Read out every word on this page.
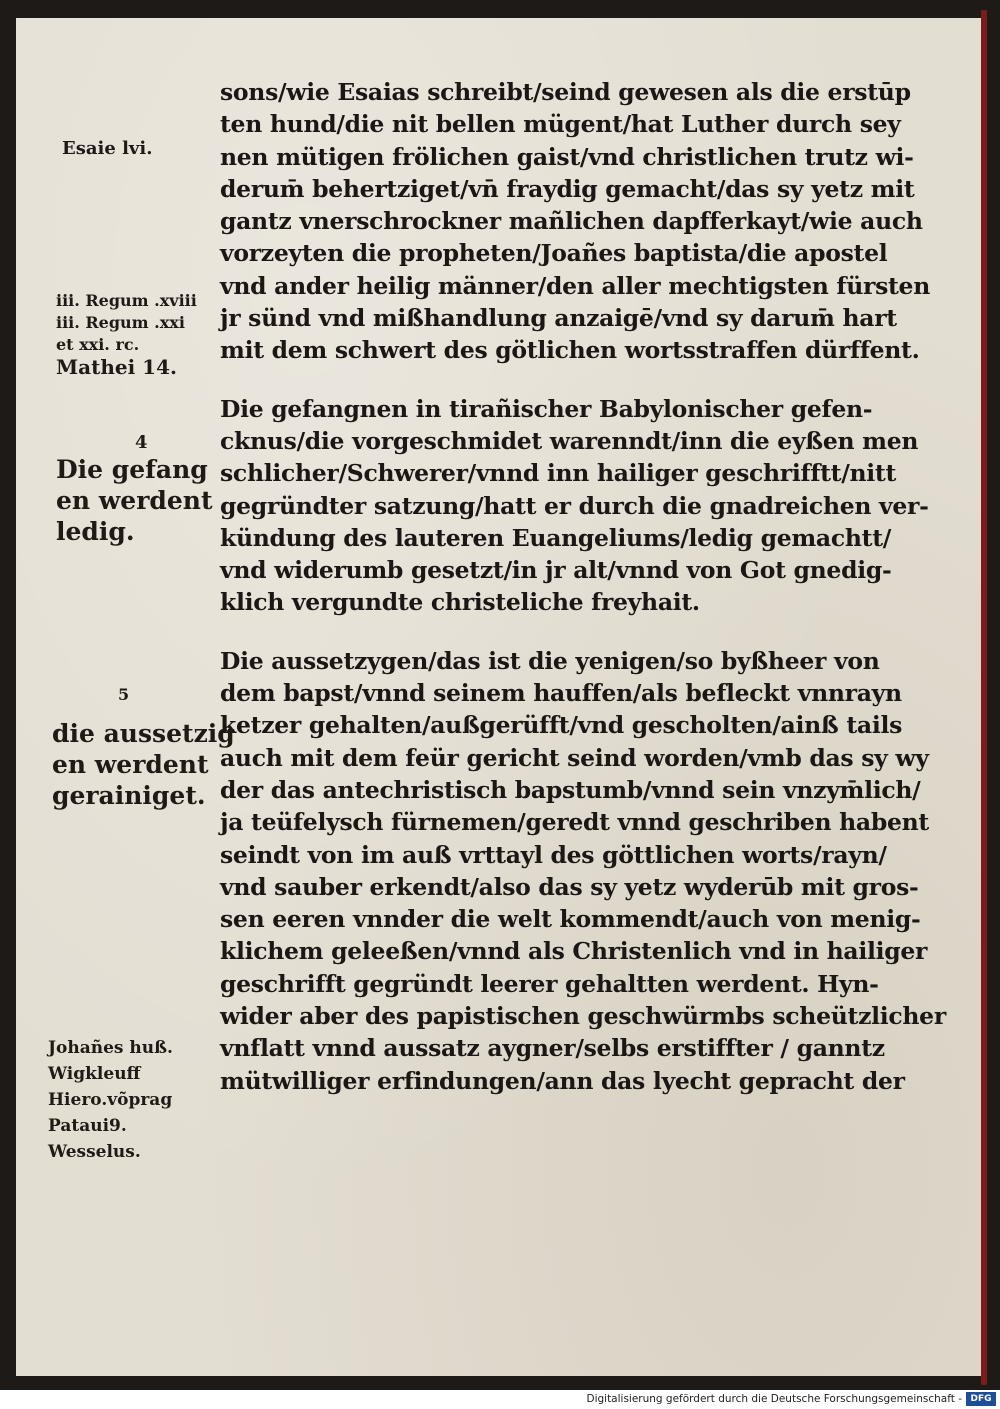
sons/wie Esaias schreibt/seind gewesen als die erstūp
ten hund/die nit bellen mügent/hat Luther durch sey
nen mütigen frölichen gaist/vnd christlichen trutz wi-
derum̄ behertziget/vn̄ fraydig gemacht/das sy yetz mit
gantz vnerschrockner mañlichen dapfferkayt/wie auch
vorzeyten die propheten/Joañes baptista/die apostel
vnd ander heilig männer/den aller mechtigsten fürsten
jr sünd vnd mißhandlung anzaigē/vnd sy darum̄ hart
mit dem schwert des götlichen wortsstraffen dürffent.
Die gefangnen in tirañischer Babylonischer gefen-
cknus/die vorgeschmidet warenndt/inn die eyßen men
schlicher/Schwerer/vnnd inn hailiger geschrifftt/nitt
gegründter satzung/hatt er durch die gnadreichen ver-
kündung des lauteren Euangeliums/ledig gemachtt/
vnd widerumb gesetzt/in jr alt/vnnd von Got gnedig-
klich vergundte christeliche freyhait.
Die aussetzygen/das ist die yenigen/so byßheer von
dem bapst/vnnd seinem hauffen/als befleckt vnnrayn
ketzer gehalten/außgerüfft/vnd gescholten/ainß tails
auch mit dem feür gericht seind worden/vmb das sy wy
der das antechristisch bapstumb/vnnd sein vnzym̄lich/
ja teüfelysch fürnemen/geredt vnnd geschriben habent
seindt von im auß vrttayl des göttlichen worts/rayn/
vnd sauber erkendt/also das sy yetz wyderūb mit gros-
sen eeren vnnder die welt kommendt/auch von menig-
klichem geleeßen/vnnd als Christenlich vnd in hailiger
geschrifft gegründt leerer gehaltten werdent. Hyn-
wider aber des papistischen geschwürmbs scheützlicher
vnflatt vnnd aussatz aygner/selbs erstiffter / ganntz
mütwilliger erfindungen/ann das lyecht gepracht der
Esaie lvi.
iii. Regum .xviii
iii. Regum .xxi
et xxi. rc.
Mathei 14.
4
Die gefang
en werdent
ledig.
5
die aussetzig
en werdent
gerainiget.
Johañes huß.
Wigkleuff
Hiero.võprag
Pataui9.
Wesselus.
Digitalisierung gefördert durch die Deutsche Forschungsgemeinschaft - DFG
